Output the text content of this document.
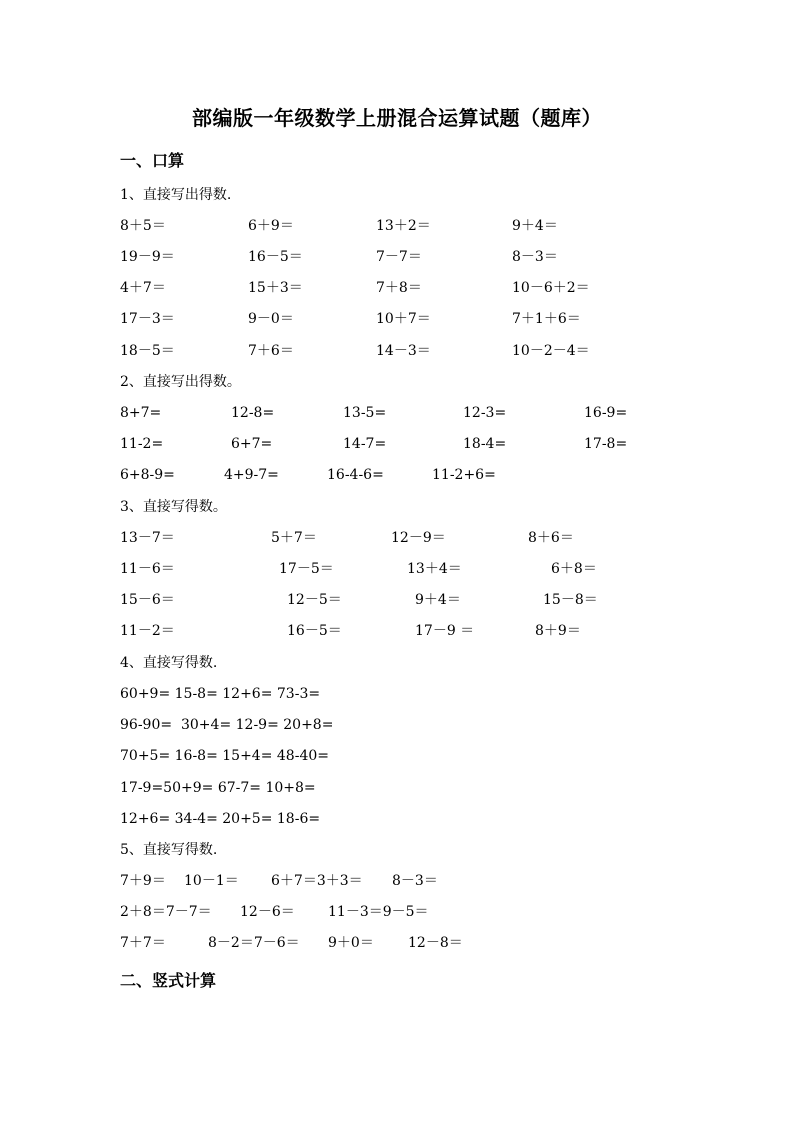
部编版一年级数学上册混合运算试题（题库）
一、口算
1、直接写出得数.
8＋5＝	6＋9＝	13＋2＝	9＋4＝
19－9＝	16－5＝	7－7＝	8－3＝
4＋7＝	15＋3＝	7＋8＝	10－6＋2＝
17－3＝	9－0＝	10＋7＝	7＋1＋6＝
18－5＝	7＋6＝	14－3＝	10－2－4＝
2、直接写出得数。
8+7=	12-8=	13-5=	12-3=	16-9=
11-2=	6+7=	14-7=	18-4=	17-8=
6+8-9=	4+9-7=	16-4-6=	11-2+6=
3、直接写得数。
13－7＝	5＋7＝	12－9＝	8＋6＝
11－6＝	17－5＝	13＋4＝	6＋8＝
15－6＝	12－5＝	9＋4＝	15－8＝
11－2＝	16－5＝	17－9 ＝	8＋9＝
4、直接写得数.
60+9= 15-8= 12+6= 73-3=
96-90=  30+4= 12-9= 20+8=
70+5= 16-8= 15+4= 48-40=
17-9=50+9= 67-7= 10+8=
12+6= 34-4= 20+5= 18-6=
5、直接写得数.
7＋9＝ 10－1＝ 6＋7＝3＋3＝ 8－3＝
2＋8＝7－7＝ 12－6＝ 11－3＝9－5＝
7＋7＝	8－2＝7－6＝ 9＋0＝ 12－8＝
二、竖式计算
